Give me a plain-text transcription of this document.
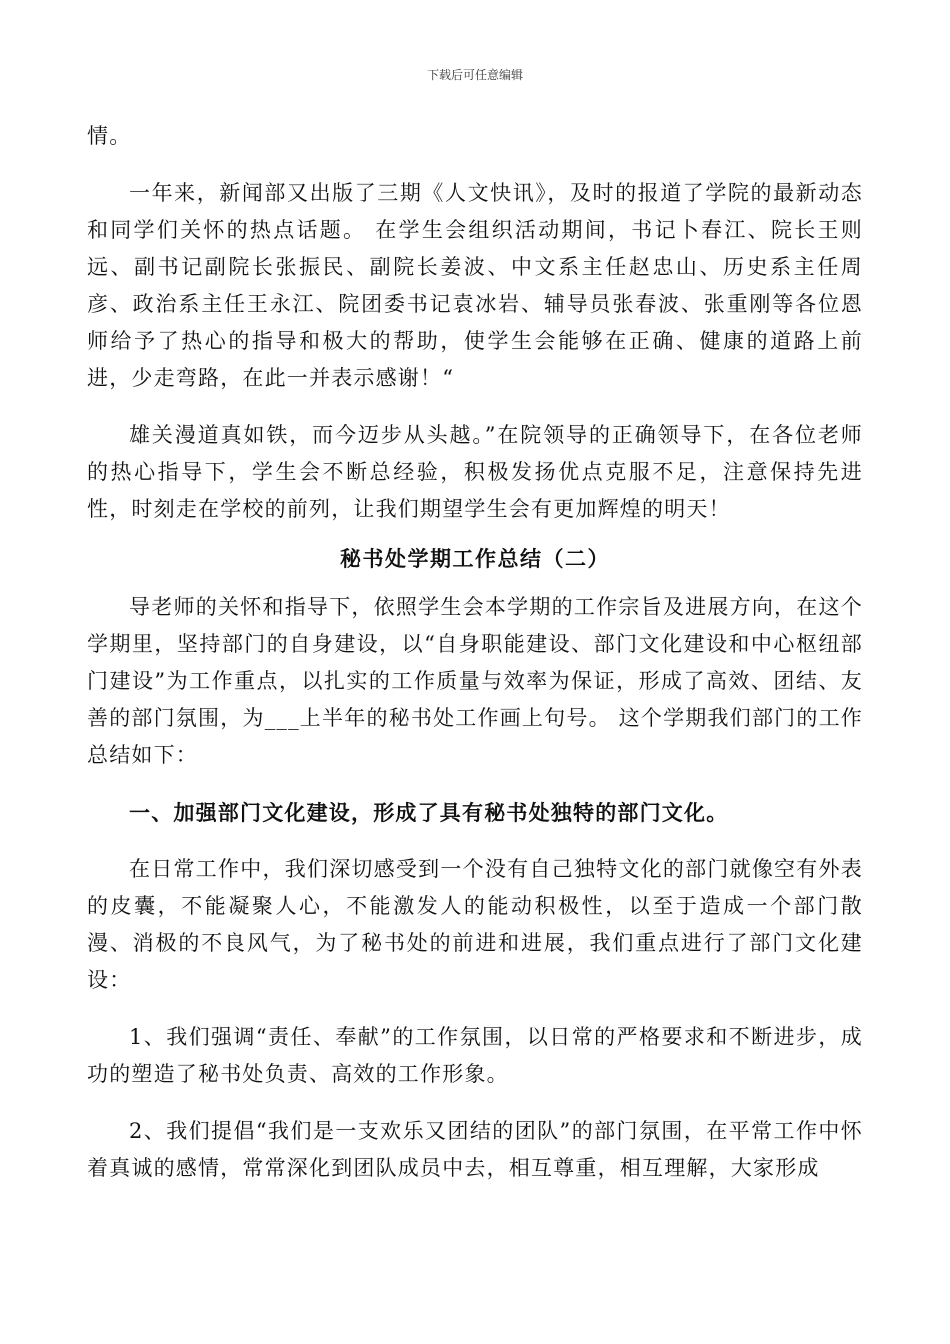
下载后可任意编辑

情。

一年来，新闻部又出版了三期《人文快讯》，及时的报道了学院的最新动态和同学们关怀的热点话题。 在学生会组织活动期间，书记卜春江、院长王则远、副书记副院长张振民、副院长姜波、中文系主任赵忠山、历史系主任周彦、政治系主任王永江、院团委书记袁冰岩、辅导员张春波、张重刚等各位恩师给予了热心的指导和极大的帮助，使学生会能够在正确、健康的道路上前进，少走弯路，在此一并表示感谢！“

雄关漫道真如铁，而今迈步从头越。”在院领导的正确领导下，在各位老师的热心指导下，学生会不断总经验，积极发扬优点克服不足，注意保持先进性，时刻走在学校的前列，让我们期望学生会有更加辉煌的明天！

秘书处学期工作总结（二）

导老师的关怀和指导下，依照学生会本学期的工作宗旨及进展方向，在这个学期里，坚持部门的自身建设，以“自身职能建设、部门文化建设和中心枢纽部门建设”为工作重点，以扎实的工作质量与效率为保证，形成了高效、团结、友善的部门氛围，为___上半年的秘书处工作画上句号。 这个学期我们部门的工作总结如下：

一、加强部门文化建设，形成了具有秘书处独特的部门文化。

在日常工作中，我们深切感受到一个没有自己独特文化的部门就像空有外表的皮囊，不能凝聚人心，不能激发人的能动积极性，以至于造成一个部门散漫、消极的不良风气，为了秘书处的前进和进展，我们重点进行了部门文化建设：

1、我们强调“责任、奉献”的工作氛围，以日常的严格要求和不断进步，成功的塑造了秘书处负责、高效的工作形象。

2、我们提倡“我们是一支欢乐又团结的团队”的部门氛围，在平常工作中怀着真诚的感情，常常深化到团队成员中去，相互尊重，相互理解，大家形成
